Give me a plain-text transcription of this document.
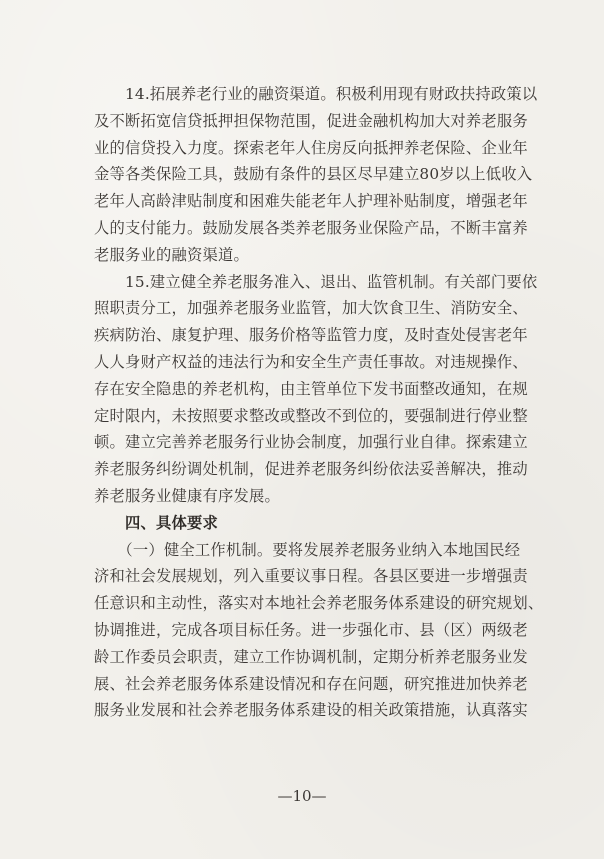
　　14.拓展养老行业的融资渠道。积极利用现有财政扶持政策以
及不断拓宽信贷抵押担保物范围，促进金融机构加大对养老服务
业的信贷投入力度。探索老年人住房反向抵押养老保险、企业年
金等各类保险工具，鼓励有条件的县区尽早建立80岁以上低收入
老年人高龄津贴制度和困难失能老年人护理补贴制度，增强老年
人的支付能力。鼓励发展各类养老服务业保险产品，不断丰富养
老服务业的融资渠道。
　　15.建立健全养老服务准入、退出、监管机制。有关部门要依
照职责分工，加强养老服务业监管，加大饮食卫生、消防安全、
疾病防治、康复护理、服务价格等监管力度，及时查处侵害老年
人人身财产权益的违法行为和安全生产责任事故。对违规操作、
存在安全隐患的养老机构，由主管单位下发书面整改通知，在规
定时限内，未按照要求整改或整改不到位的，要强制进行停业整
顿。建立完善养老服务行业协会制度，加强行业自律。探索建立
养老服务纠纷调处机制，促进养老服务纠纷依法妥善解决，推动
养老服务业健康有序发展。
　　四、具体要求
　　（一）健全工作机制。要将发展养老服务业纳入本地国民经
济和社会发展规划，列入重要议事日程。各县区要进一步增强责
任意识和主动性，落实对本地社会养老服务体系建设的研究规划、
协调推进，完成各项目标任务。进一步强化市、县（区）两级老
龄工作委员会职责，建立工作协调机制，定期分析养老服务业发
展、社会养老服务体系建设情况和存在问题，研究推进加快养老
服务业发展和社会养老服务体系建设的相关政策措施，认真落实
—10—
